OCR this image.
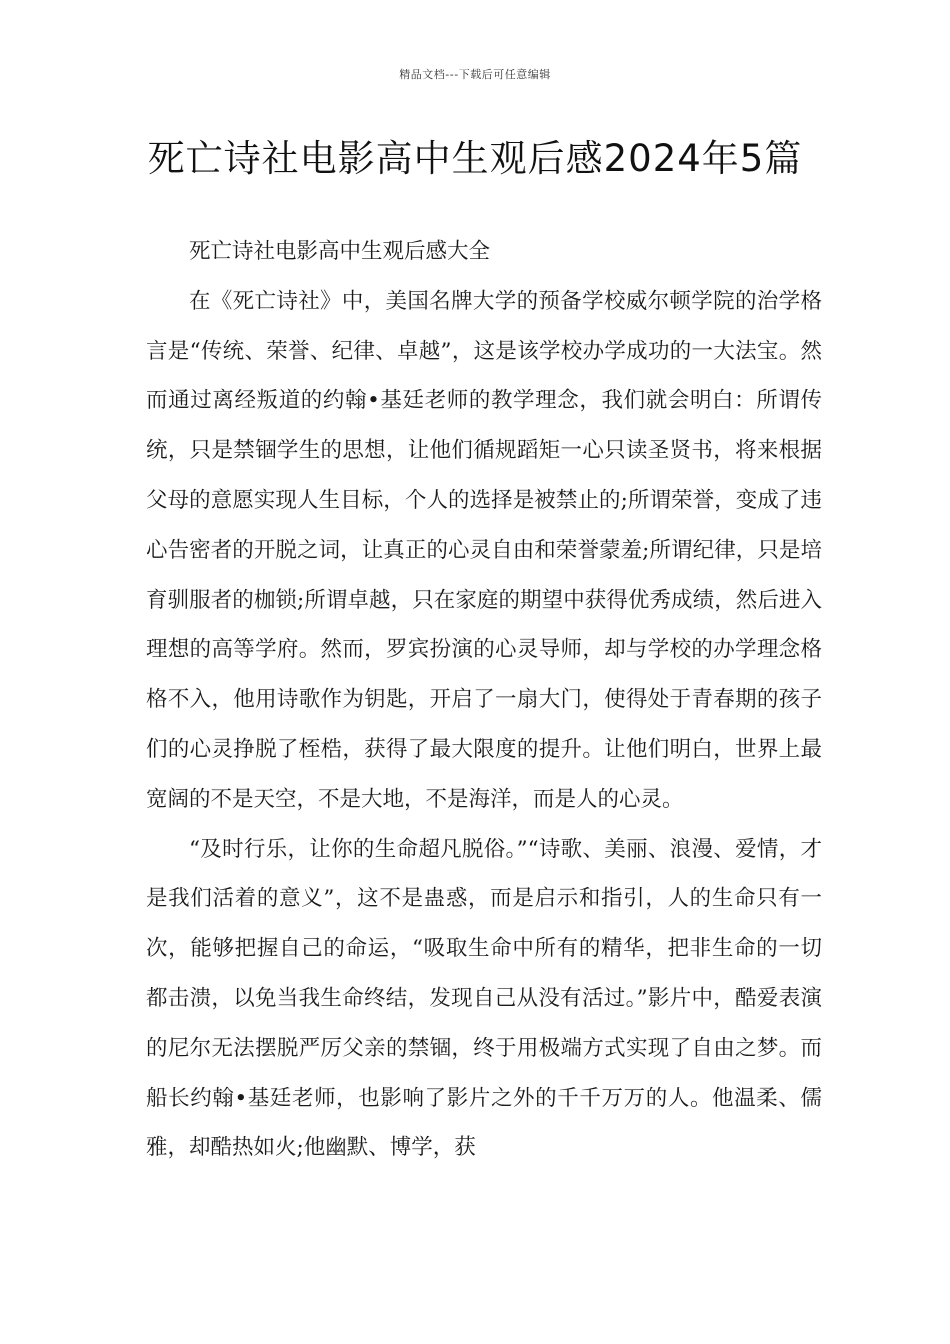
精品文档---下载后可任意编辑
死亡诗社电影高中生观后感2024年5篇

死亡诗社电影高中生观后感大全

在《死亡诗社》中，美国名牌大学的预备学校威尔顿学院的治学格言是“传统、荣誉、纪律、卓越”，这是该学校办学成功的一大法宝。然而通过离经叛道的约翰•基廷老师的教学理念，我们就会明白：所谓传统，只是禁锢学生的思想，让他们循规蹈矩一心只读圣贤书，将来根据父母的意愿实现人生目标，个人的选择是被禁止的;所谓荣誉，变成了违心告密者的开脱之词，让真正的心灵自由和荣誉蒙羞;所谓纪律，只是培育驯服者的枷锁;所谓卓越，只在家庭的期望中获得优秀成绩，然后进入理想的高等学府。然而，罗宾扮演的心灵导师，却与学校的办学理念格格不入，他用诗歌作为钥匙，开启了一扇大门，使得处于青春期的孩子们的心灵挣脱了桎梏，获得了最大限度的提升。让他们明白，世界上最宽阔的不是天空，不是大地，不是海洋，而是人的心灵。

“及时行乐，让你的生命超凡脱俗。”“诗歌、美丽、浪漫、爱情，才是我们活着的意义”，这不是蛊惑，而是启示和指引，人的生命只有一次，能够把握自己的命运，“吸取生命中所有的精华，把非生命的一切都击溃，以免当我生命终结，发现自己从没有活过。”影片中，酷爱表演的尼尔无法摆脱严厉父亲的禁锢，终于用极端方式实现了自由之梦。而船长约翰•基廷老师，也影响了影片之外的千千万万的人。他温柔、儒雅，却酷热如火;他幽默、博学，获
